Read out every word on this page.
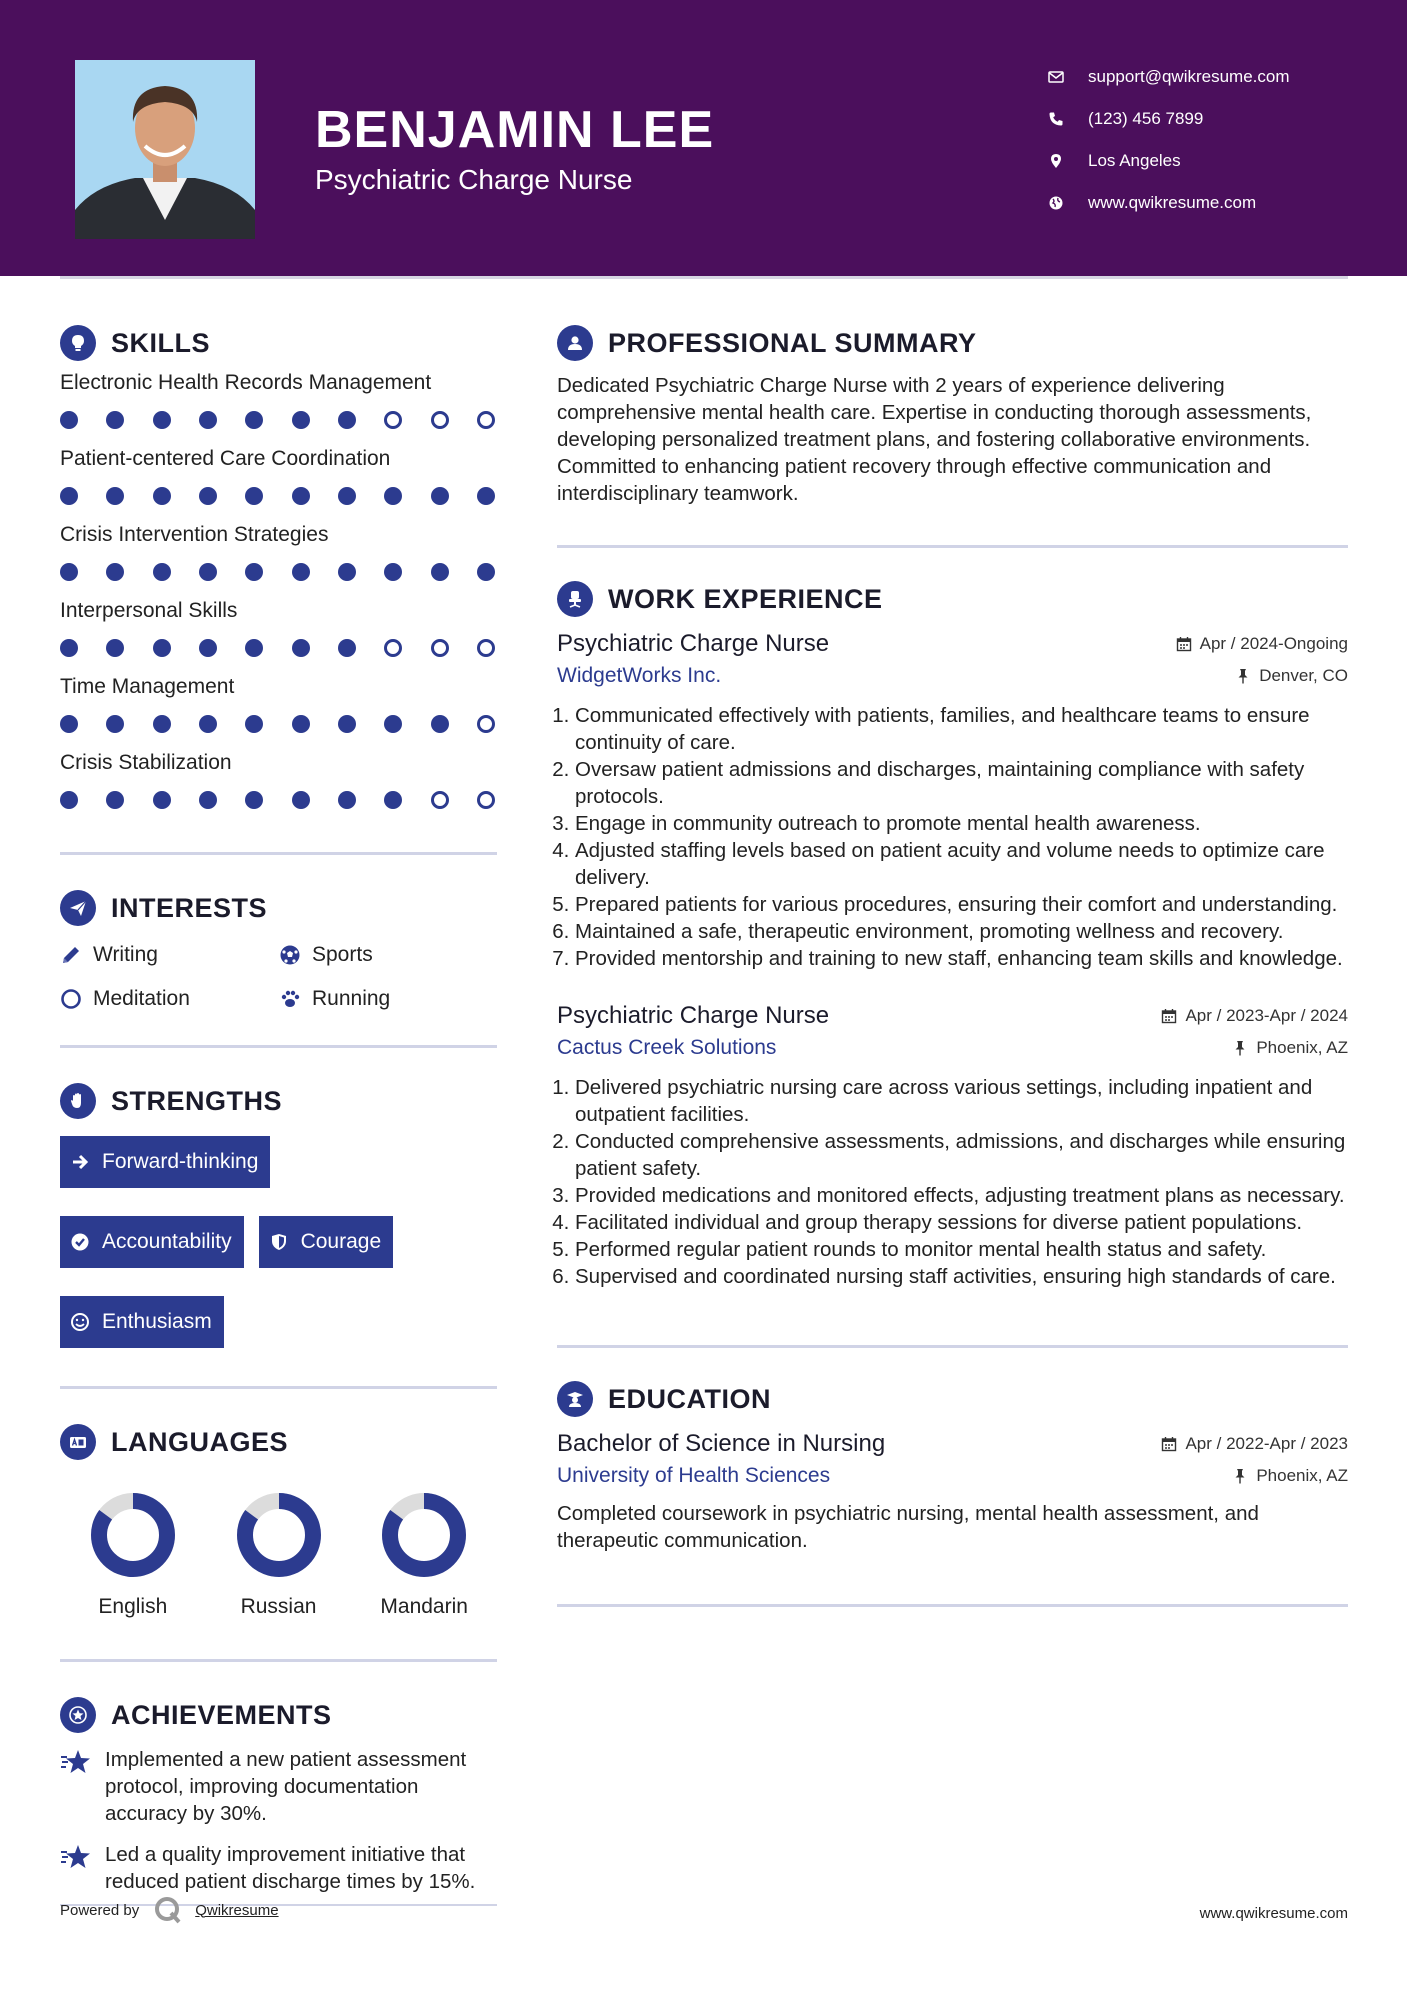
BENJAMIN LEE
Psychiatric Charge Nurse
support@qwikresume.com
(123) 456 7899
Los Angeles
www.qwikresume.com
SKILLS
Electronic Health Records Management
Patient-centered Care Coordination
Crisis Intervention Strategies
Interpersonal Skills
Time Management
Crisis Stabilization
INTERESTS
Writing	Sports
Meditation	Running
STRENGTHS
Forward-thinking
Accountability	Courage
Enthusiasm
LANGUAGES
English	Russian	Mandarin
ACHIEVEMENTS
Implemented a new patient assessment protocol, improving documentation accuracy by 30%.
Led a quality improvement initiative that reduced patient discharge times by 15%.
PROFESSIONAL SUMMARY
Dedicated Psychiatric Charge Nurse with 2 years of experience delivering comprehensive mental health care. Expertise in conducting thorough assessments, developing personalized treatment plans, and fostering collaborative environments. Committed to enhancing patient recovery through effective communication and interdisciplinary teamwork.
WORK EXPERIENCE
Psychiatric Charge Nurse	Apr / 2024-Ongoing
WidgetWorks Inc.	Denver, CO
1. Communicated effectively with patients, families, and healthcare teams to ensure continuity of care.
2. Oversaw patient admissions and discharges, maintaining compliance with safety protocols.
3. Engage in community outreach to promote mental health awareness.
4. Adjusted staffing levels based on patient acuity and volume needs to optimize care delivery.
5. Prepared patients for various procedures, ensuring their comfort and understanding.
6. Maintained a safe, therapeutic environment, promoting wellness and recovery.
7. Provided mentorship and training to new staff, enhancing team skills and knowledge.
Psychiatric Charge Nurse	Apr / 2023-Apr / 2024
Cactus Creek Solutions	Phoenix, AZ
1. Delivered psychiatric nursing care across various settings, including inpatient and outpatient facilities.
2. Conducted comprehensive assessments, admissions, and discharges while ensuring patient safety.
3. Provided medications and monitored effects, adjusting treatment plans as necessary.
4. Facilitated individual and group therapy sessions for diverse patient populations.
5. Performed regular patient rounds to monitor mental health status and safety.
6. Supervised and coordinated nursing staff activities, ensuring high standards of care.
EDUCATION
Bachelor of Science in Nursing	Apr / 2022-Apr / 2023
University of Health Sciences	Phoenix, AZ
Completed coursework in psychiatric nursing, mental health assessment, and therapeutic communication.
Powered by	Qwikresume	www.qwikresume.com
